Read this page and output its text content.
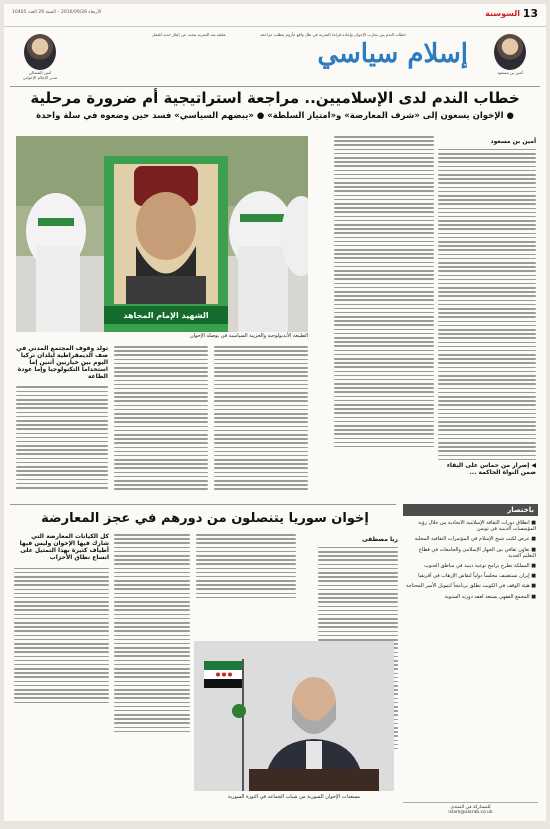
13
السوسنة
الأربعاء 2016/09/28 – السنة 29 العدد 10405
أمين بن مسعود
إسلام سياسي
خطاب الندم بين تجارب الإخوان وإعادة قراءة التجربة في ظل واقع مأزوم يتطلب مراجعة
عقلية بعد التجربة تبحث عن إطار جديد للعمل
أمين الشمالي
مدير الإعلام الإخواني
خطاب الندم لدى الإسلاميين.. مراجعة استراتيجية أم ضرورة مرحلية
● الإخوان يسعون إلى «شرف المعارضة» و«امتياز السلطة» ● «يبضهم السياسي» فسد حين وضعوه في سلة واحدة
الشهيد الإمام المجاهد
الطبيعة الأيديولوجية والحزبية السياسية في بوصلة الإخوان
أمين بن مسعود
◀ إصرار من حماس على البقاء ضمن النواة الحاكمة ...
تولد وقوف المجتمع المدني في صف الديمقراطية لبلدان تركيا اليوم بين خياريين أثنين إما استخداماً التكنولوجيا وإما عودة الطاعة
إخوان سوريا يتنصلون من دورهم في عجز المعارضة
ريا مصطفى
كل الكيانات المعارضة التي شارك فيها الإخوان وليس فيها أطياف كثيرة بهذا التمثيل على اتساع نطاق الأحزاب
مسعدات الإخوان السورية من شباب الجماعة في الثورة السورية
باختصار
■ انطلاق دورات الثقافة الإسلامية الاتحادية من خلال رؤية المؤسسات الدينية في تونس
■ عرض لكتب شيخ الإسلام في المؤتمرات الثقافية المحلية
■ تعاون ثقافي بين الجهاز الإسلامي والجامعات في قطاع التعليم الجديد
■ المملكة تطرح برامج توعية دينية في مناطق الجنوب
■ إيران تستضيف مجلساً دولياً لنقاش الإرهاب في أفريقيا
■ هيئة الوقف في الكويت تطلق برنامجاً لتمويل الأسر المحتاجة
■ المجمع الفقهي يستعد لعقد دورته السنوية
للمشاركة في المنتدى
islam@alarab.co.uk
